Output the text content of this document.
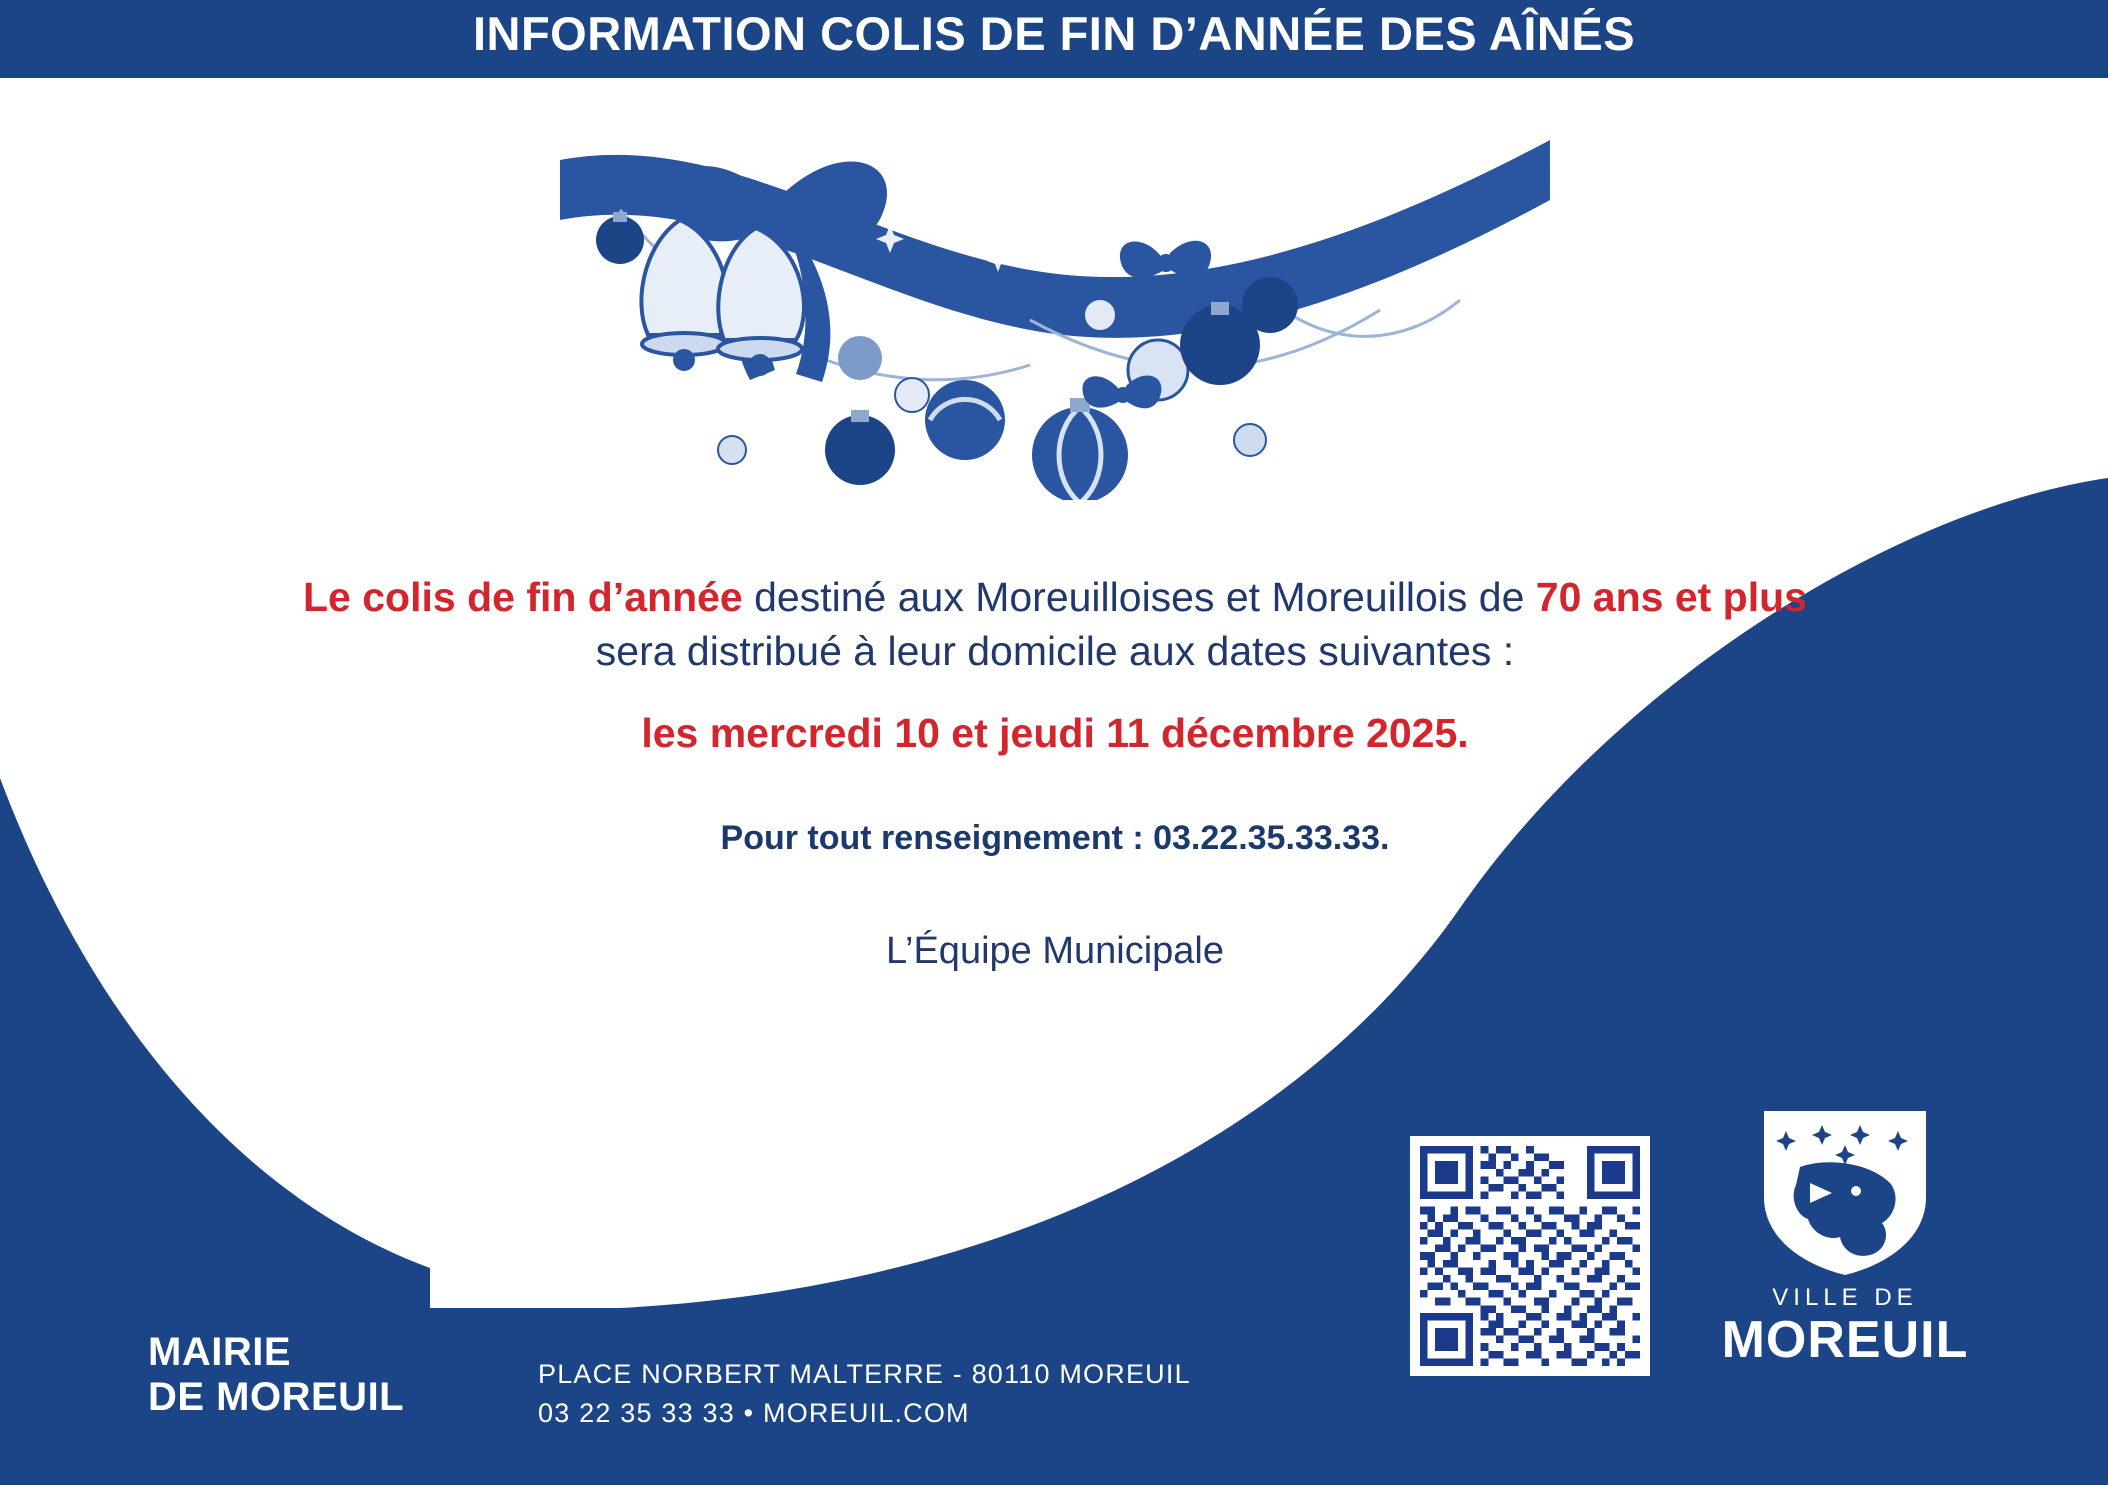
INFORMATION COLIS DE FIN D’ANNÉE DES AÎNÉS
Le colis de fin d’année destiné aux Moreuilloises et Moreuillois de 70 ans et plus
sera distribué à leur domicile aux dates suivantes :
les mercredi 10 et jeudi 11 décembre 2025.
Pour tout renseignement : 03.22.35.33.33.
L’Équipe Municipale
MAIRIE
DE MOREUIL
PLACE NORBERT MALTERRE - 80110 MOREUIL
03 22 35 33 33 • MOREUIL.COM
VILLE DE
MOREUIL
